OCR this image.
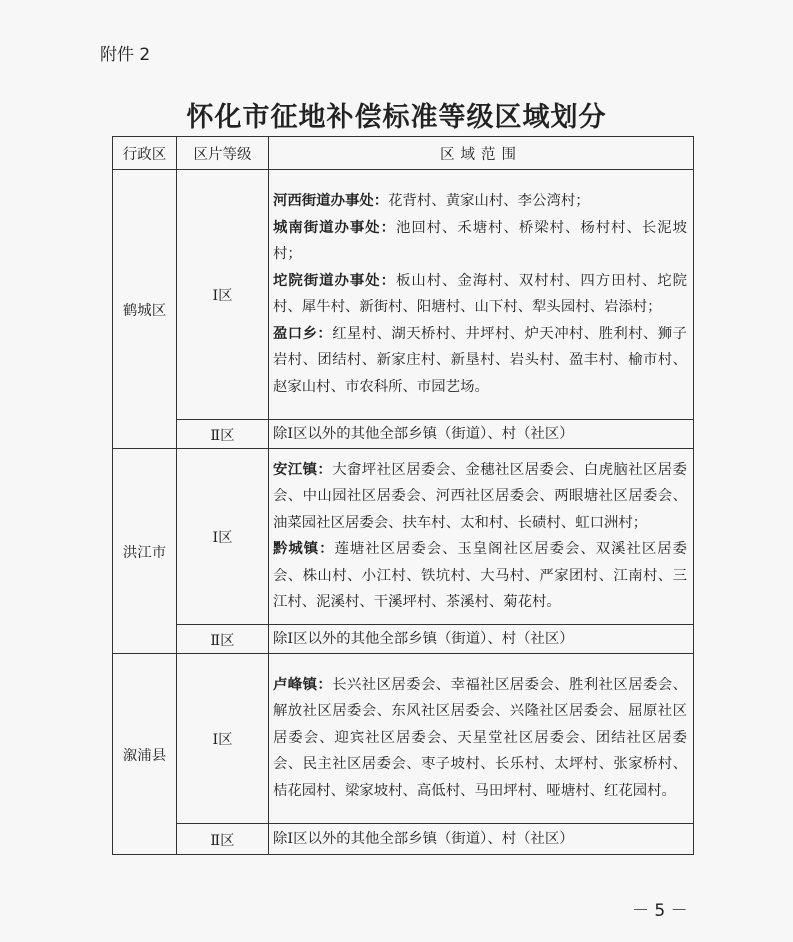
附件 2
怀化市征地补偿标准等级区域划分
行政区	区片等级	区域范围
鹤城区	Ⅰ区	河西街道办事处：花背村、黄家山村、李公湾村；
城南街道办事处：池回村、禾塘村、桥梁村、杨村村、长泥坡村；
坨院街道办事处：板山村、金海村、双村村、四方田村、坨院村、犀牛村、新街村、阳塘村、山下村、犁头园村、岩添村；
盈口乡：红星村、湖天桥村、井坪村、炉天冲村、胜利村、狮子岩村、团结村、新家庄村、新垦村、岩头村、盈丰村、榆市村、赵家山村、市农科所、市园艺场。

	Ⅱ区	除Ⅰ区以外的其他全部乡镇（街道）、村（社区）
洪江市	Ⅰ区	安江镇：大畲坪社区居委会、金穗社区居委会、白虎脑社区居委会、中山园社区居委会、河西社区居委会、两眼塘社区居委会、油菜园社区居委会、扶车村、太和村、长碛村、虹口洲村；
黔城镇：莲塘社区居委会、玉皇阁社区居委会、双溪社区居委会、株山村、小江村、铁坑村、大马村、严家团村、江南村、三江村、泥溪村、干溪坪村、茶溪村、菊花村。

	Ⅱ区	除Ⅰ区以外的其他全部乡镇（街道）、村（社区）
溆浦县	Ⅰ区	卢峰镇：长兴社区居委会、幸福社区居委会、胜利社区居委会、解放社区居委会、东风社区居委会、兴隆社区居委会、屈原社区居委会、迎宾社区居委会、天星堂社区居委会、团结社区居委会、民主社区居委会、枣子坡村、长乐村、太坪村、张家桥村、桔花园村、梁家坡村、高低村、马田坪村、哑塘村、红花园村。

	Ⅱ区	除Ⅰ区以外的其他全部乡镇（街道）、村（社区）
－ 5 －
